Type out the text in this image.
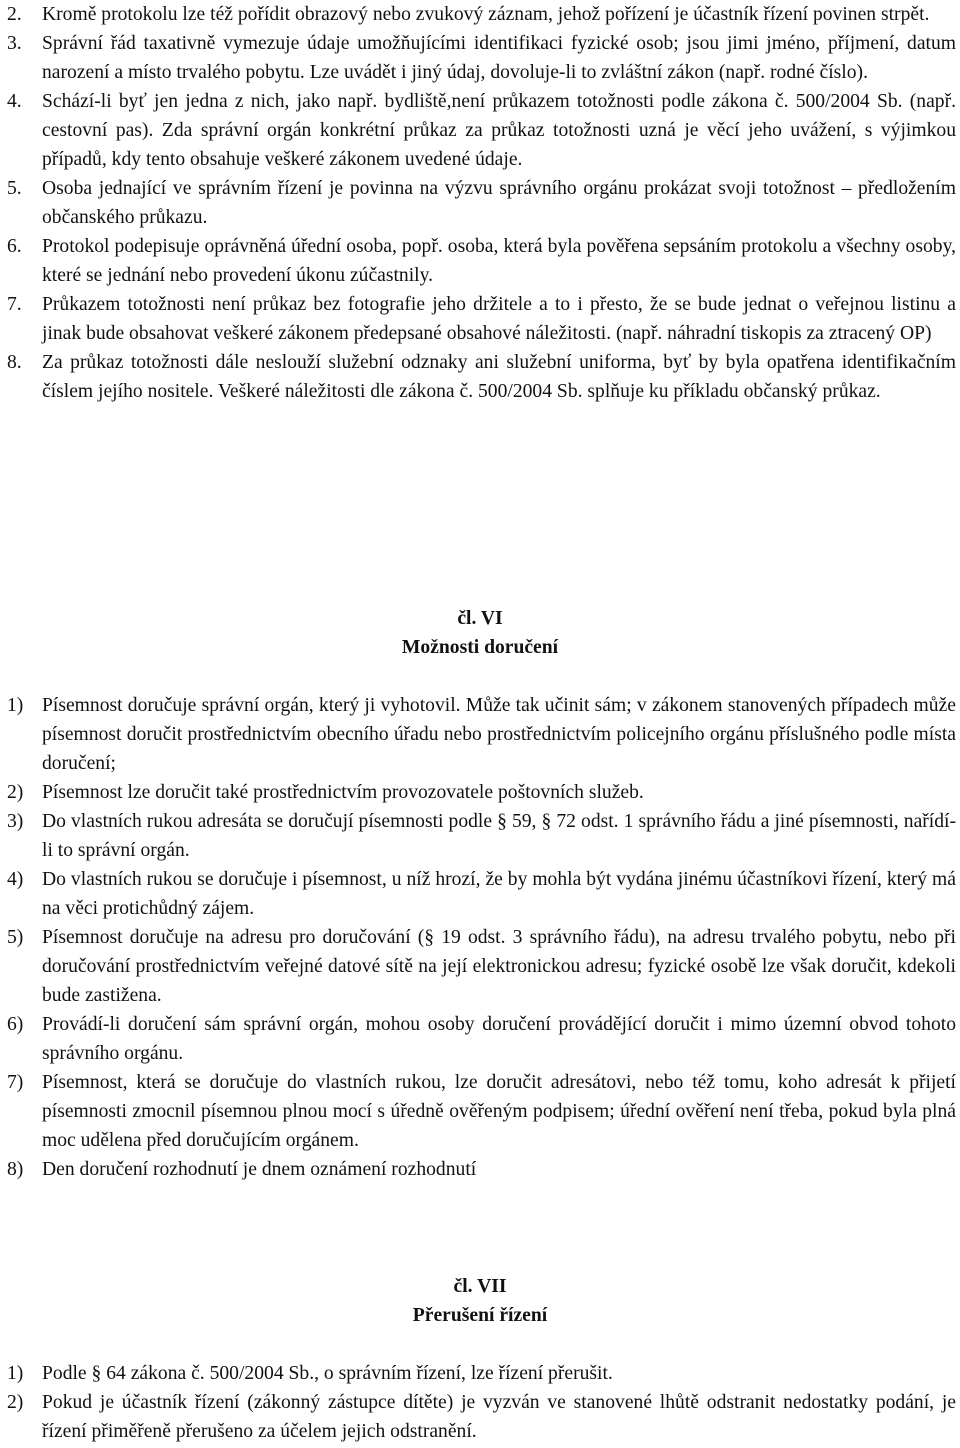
2. Kromě protokolu lze též pořídit obrazový nebo zvukový záznam, jehož pořízení je účastník řízení povinen strpět.
3. Správní řád taxativně vymezuje údaje umožňujícími identifikaci fyzické osob; jsou jimi jméno, příjmení, datum narození a místo trvalého pobytu. Lze uvádět i jiný údaj, dovoluje-li to zvláštní zákon (např. rodné číslo).
4. Schází-li byť jen jedna z nich, jako např. bydliště,není průkazem totožnosti podle zákona č. 500/2004 Sb. (např. cestovní pas). Zda správní orgán konkrétní průkaz za průkaz totožnosti uzná je věcí jeho uvážení, s výjimkou případů, kdy tento obsahuje veškeré zákonem uvedené údaje.
5. Osoba jednající ve správním řízení je povinna na výzvu správního orgánu prokázat svoji totožnost – předložením občanského průkazu.
6. Protokol podepisuje oprávněná úřední osoba, popř. osoba, která byla pověřena sepsáním protokolu a všechny osoby, které se jednání nebo provedení úkonu zúčastnily.
7. Průkazem totožnosti není průkaz bez fotografie jeho držitele a to i přesto, že se bude jednat o veřejnou listinu a jinak bude obsahovat veškeré zákonem předepsané obsahové náležitosti. (např. náhradní tiskopis za ztracený OP)
8. Za průkaz totožnosti dále neslouží služební odznaky ani služební uniforma, byť by byla opatřena identifikačním číslem jejího nositele. Veškeré náležitosti dle zákona č. 500/2004 Sb. splňuje ku příkladu občanský průkaz.
čl. VI
Možnosti doručení
1) Písemnost doručuje správní orgán, který ji vyhotovil. Může tak učinit sám; v zákonem stanovených případech může písemnost doručit prostřednictvím obecního úřadu nebo prostřednictvím policejního orgánu příslušného podle místa doručení;
2) Písemnost lze doručit také prostřednictvím provozovatele poštovních služeb.
3) Do vlastních rukou adresáta se doručují písemnosti podle § 59, § 72 odst. 1 správního řádu a jiné písemnosti, nařídí-li to správní orgán.
4) Do vlastních rukou se doručuje i písemnost, u níž hrozí, že by mohla být vydána jinému účastníkovi řízení, který má na věci protichůdný zájem.
5) Písemnost doručuje na adresu pro doručování (§ 19 odst. 3 správního řádu), na adresu trvalého pobytu, nebo při doručování prostřednictvím veřejné datové sítě na její elektronickou adresu; fyzické osobě lze však doručit, kdekoli bude zastižena.
6) Provádí-li doručení sám správní orgán, mohou osoby doručení provádějící doručit i mimo územní obvod tohoto správního orgánu.
7) Písemnost, která se doručuje do vlastních rukou, lze doručit adresátovi, nebo též tomu, koho adresát k přijetí písemnosti zmocnil písemnou plnou mocí s úředně ověřeným podpisem; úřední ověření není třeba, pokud byla plná moc udělena před doručujícím orgánem.
8) Den doručení rozhodnutí je dnem oznámení rozhodnutí
čl. VII
Přerušení řízení
1) Podle § 64 zákona č. 500/2004 Sb., o správním řízení, lze řízení přerušit.
2) Pokud je účastník řízení (zákonný zástupce dítěte) je vyzván ve stanovené lhůtě odstranit nedostatky podání, je řízení přiměřeně přerušeno za účelem jejich odstranění.
